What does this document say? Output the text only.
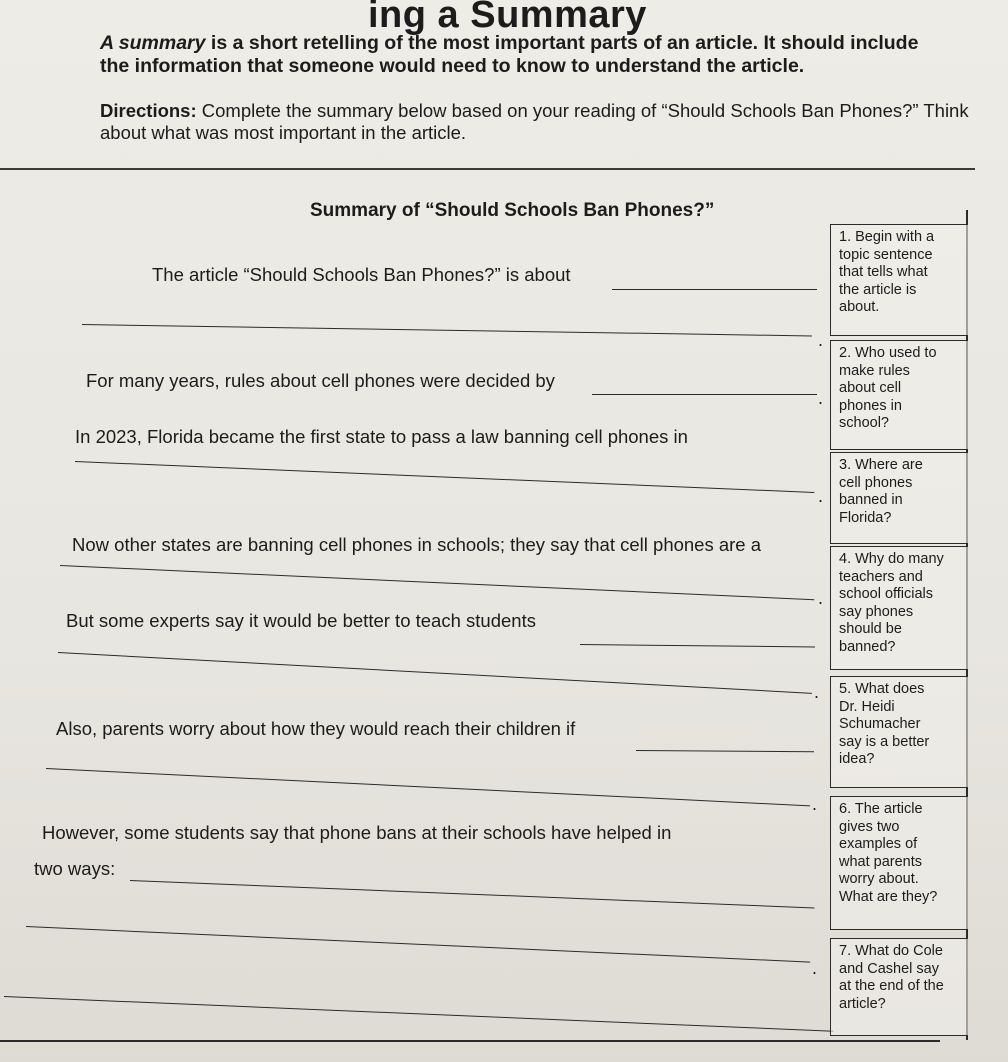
ing a Summary
A summary is a short retelling of the most important parts of an article. It should include the information that someone would need to know to understand the article.
Directions: Complete the summary below based on your reading of “Should Schools Ban Phones?” Think about what was most important in the article.
Summary of “Should Schools Ban Phones?”
The article “Should Schools Ban Phones?” is about
.
For many years, rules about cell phones were decided by
.
In 2023, Florida became the first state to pass a law banning cell phones in
.
Now other states are banning cell phones in schools; they say that cell phones are a
.
But some experts say it would be better to teach students
.
Also, parents worry about how they would reach their children if
.
However, some students say that phone bans at their schools have helped in
two ways:
.
1. Begin with a
topic sentence
that tells what
the article is
about.
2. Who used to
make rules
about cell
phones in
school?
3. Where are
cell phones
banned in
Florida?
4. Why do many
teachers and
school officials
say phones
should be
banned?
5. What does
Dr. Heidi
Schumacher
say is a better
idea?
6. The article
gives two
examples of
what parents
worry about.
What are they?
7. What do Cole
and Cashel say
at the end of the
article?
